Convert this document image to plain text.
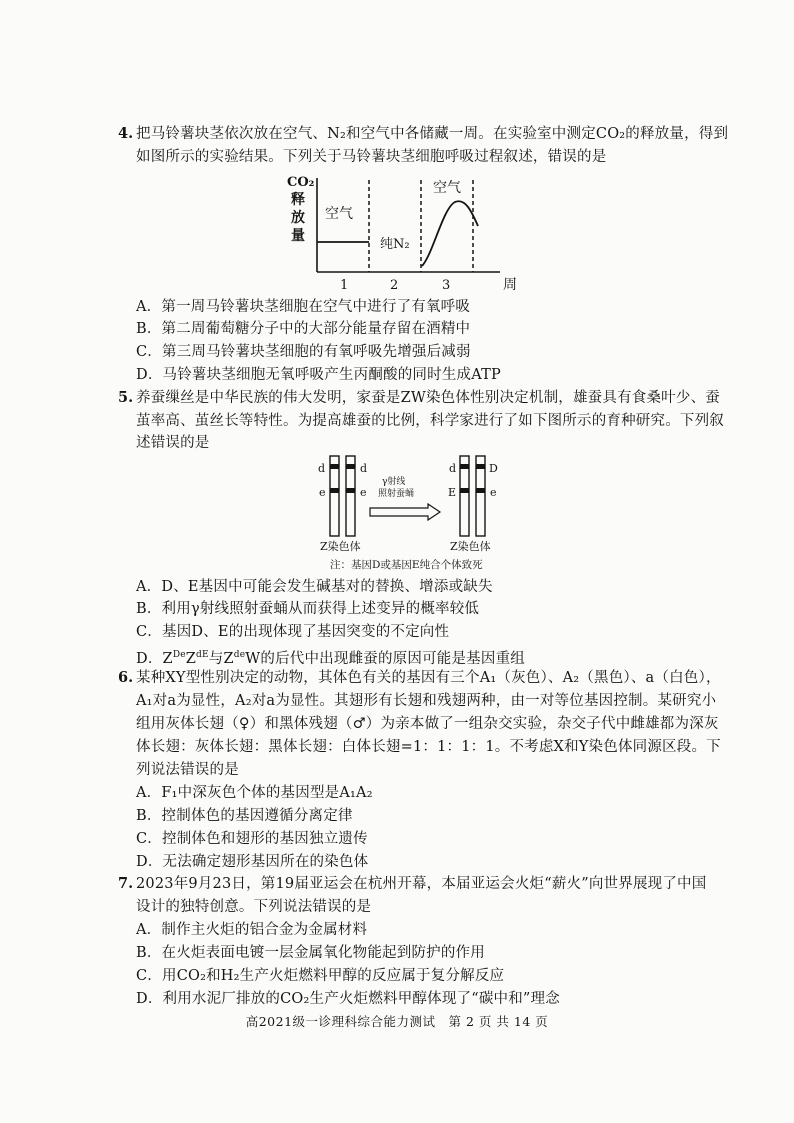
4. 把马铃薯块茎依次放在空气、N₂和空气中各储藏一周。在实验室中测定CO₂的释放量，得到
如图所示的实验结果。下列关于马铃薯块茎细胞呼吸过程叙述，错误的是
CO₂
释
放
量
空气
纯N₂
空气
1	2	3	周
A．第一周马铃薯块茎细胞在空气中进行了有氧呼吸
B．第二周葡萄糖分子中的大部分能量存留在酒精中
C．第三周马铃薯块茎细胞的有氧呼吸先增强后减弱
D．马铃薯块茎细胞无氧呼吸产生丙酮酸的同时生成ATP
5. 养蚕缫丝是中华民族的伟大发明，家蚕是ZW染色体性别决定机制，雄蚕具有食桑叶少、蚕
茧率高、茧丝长等特性。为提高雄蚕的比例，科学家进行了如下图所示的育种研究。下列叙
述错误的是
d
e
d
e
γ射线
照射蚕蛹
d
E
D
e
Z染色体	Z染色体
注：基因D或基因E纯合个体致死
A．D、E基因中可能会发生碱基对的替换、增添或缺失
B．利用γ射线照射蚕蛹从而获得上述变异的概率较低
C．基因D、E的出现体现了基因突变的不定向性
D．$Z^{De}Z^{dE}$与$Z^{de}W$的后代中出现雌蚕的原因可能是基因重组
6. 某种XY型性别决定的动物，其体色有关的基因有三个A₁（灰色）、A₂（黑色）、a（白色），
A₁对a为显性，A₂对a为显性。其翅形有长翅和残翅两种，由一对等位基因控制。某研究小
组用灰体长翅（♀）和黑体残翅（♂）为亲本做了一组杂交实验，杂交子代中雌雄都为深灰
体长翅：灰体长翅：黑体长翅：白体长翅=1：1：1：1。不考虑X和Y染色体同源区段。下
列说法错误的是
A．F₁中深灰色个体的基因型是A₁A₂
B．控制体色的基因遵循分离定律
C．控制体色和翅形的基因独立遗传
D．无法确定翅形基因所在的染色体
7. 2023年9月23日，第19届亚运会在杭州开幕，本届亚运会火炬“薪火”向世界展现了中国
设计的独特创意。下列说法错误的是
A．制作主火炬的铝合金为金属材料
B．在火炬表面电镀一层金属氧化物能起到防护的作用
C．用CO₂和H₂生产火炬燃料甲醇的反应属于复分解反应
D．利用水泥厂排放的CO₂生产火炬燃料甲醇体现了“碳中和”理念
高2021级一诊理科综合能力测试　第 2 页 共 14 页
